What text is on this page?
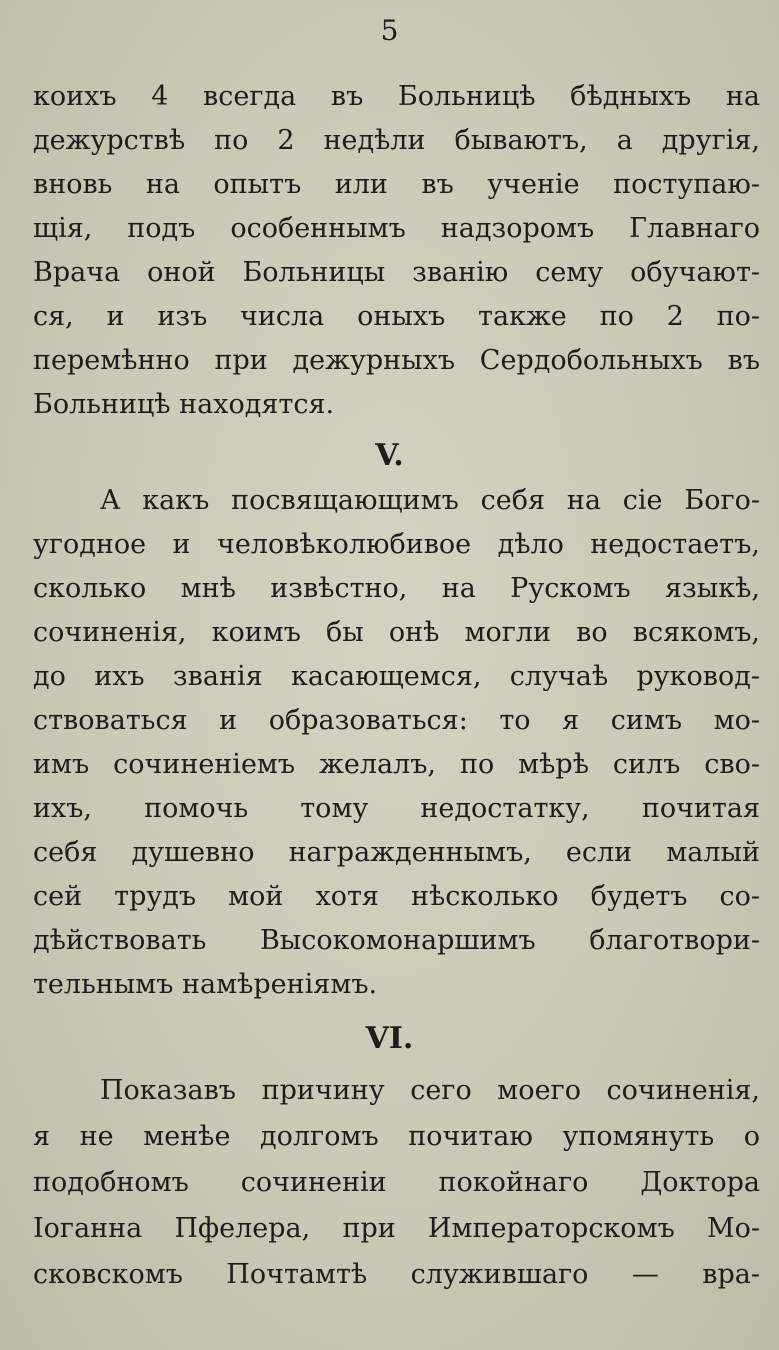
5
коихъ 4 всегда въ Больницѣ бѣдныхъ на
дежурствѣ по 2 недѣли бываютъ, а другія,
вновь на опытъ или въ ученіе поступаю-
щія, подъ особеннымъ надзоромъ Главнаго
Врача оной Больницы званію сему обучают-
ся, и изъ числа оныхъ также по 2 по-
перемѣнно при дежурныхъ Сердобольныхъ въ
Больницѣ находятся.
V.
А какъ посвящающимъ себя на сіе Бого-
угодное и человѣколюбивое дѣло недостаетъ,
сколько мнѣ извѣстно, на Рускомъ языкѣ,
сочиненія, коимъ бы онѣ могли во всякомъ,
до ихъ званія касающемся, случаѣ руковод-
ствоваться и образоваться: то я симъ мо-
имъ сочиненіемъ желалъ, по мѣрѣ силъ сво-
ихъ, помочь тому недостатку, почитая
себя душевно награжденнымъ, если малый
сей трудъ мой хотя нѣсколько будетъ со-
дѣйствовать Высокомонаршимъ благотвори-
тельнымъ намѣреніямъ.
VI.
Показавъ причину сего моего сочиненія,
я не менѣе долгомъ почитаю упомянуть о
подобномъ сочиненіи покойнаго Доктора
Іоганна Пфелера, при Императорскомъ Мо-
сковскомъ Почтамтѣ служившаго — вра-
